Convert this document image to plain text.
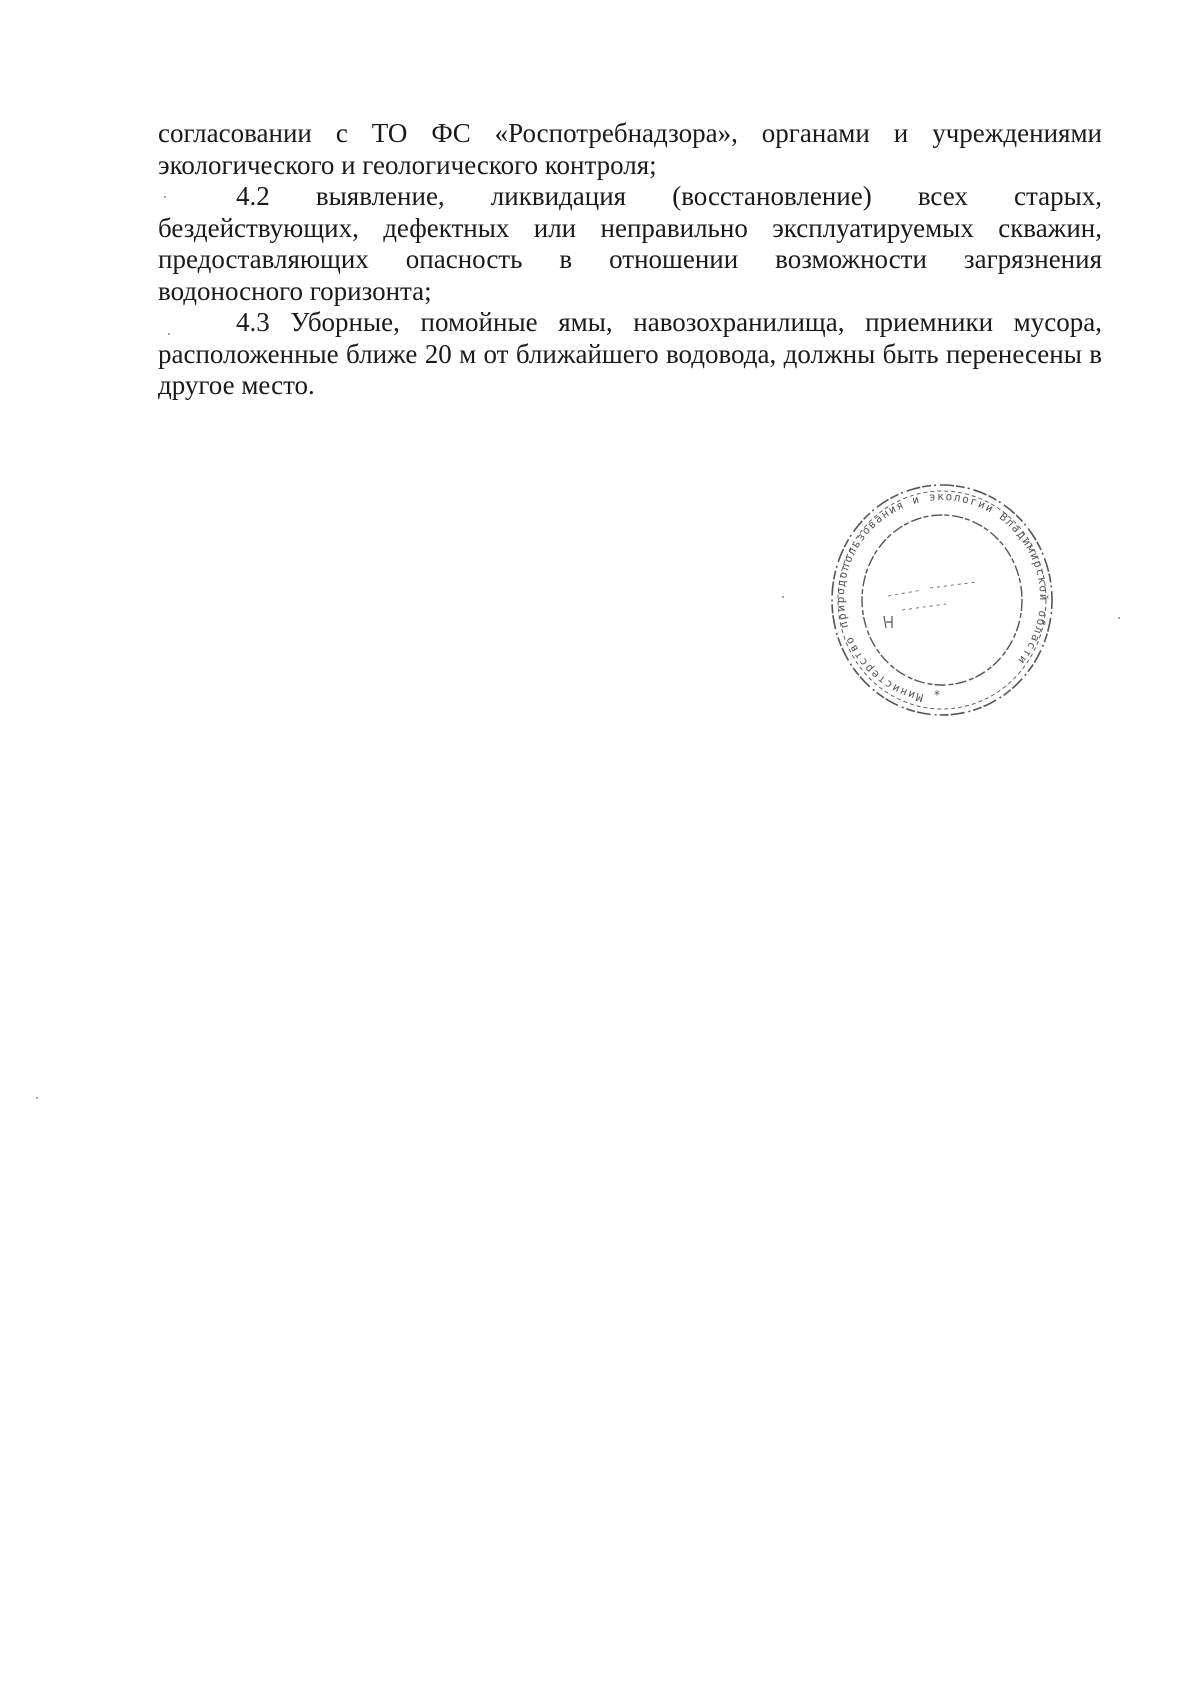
согласовании с ТО ФС «Роспотребнадзора», органами и учреждениями экологического и геологического контроля;

4.2 выявление, ликвидация (восстановление) всех старых, бездействующих, дефектных или неправильно эксплуатируемых скважин, предоставляющих опасность в отношении возможности загрязнения водоносного горизонта;

4.3 Уборные, помойные ямы, навозохранилища, приемники мусора, расположенные ближе 20 м от ближайшего водовода, должны быть перенесены в другое место.

Министерство природопользования и экологии Владимирской области
*
